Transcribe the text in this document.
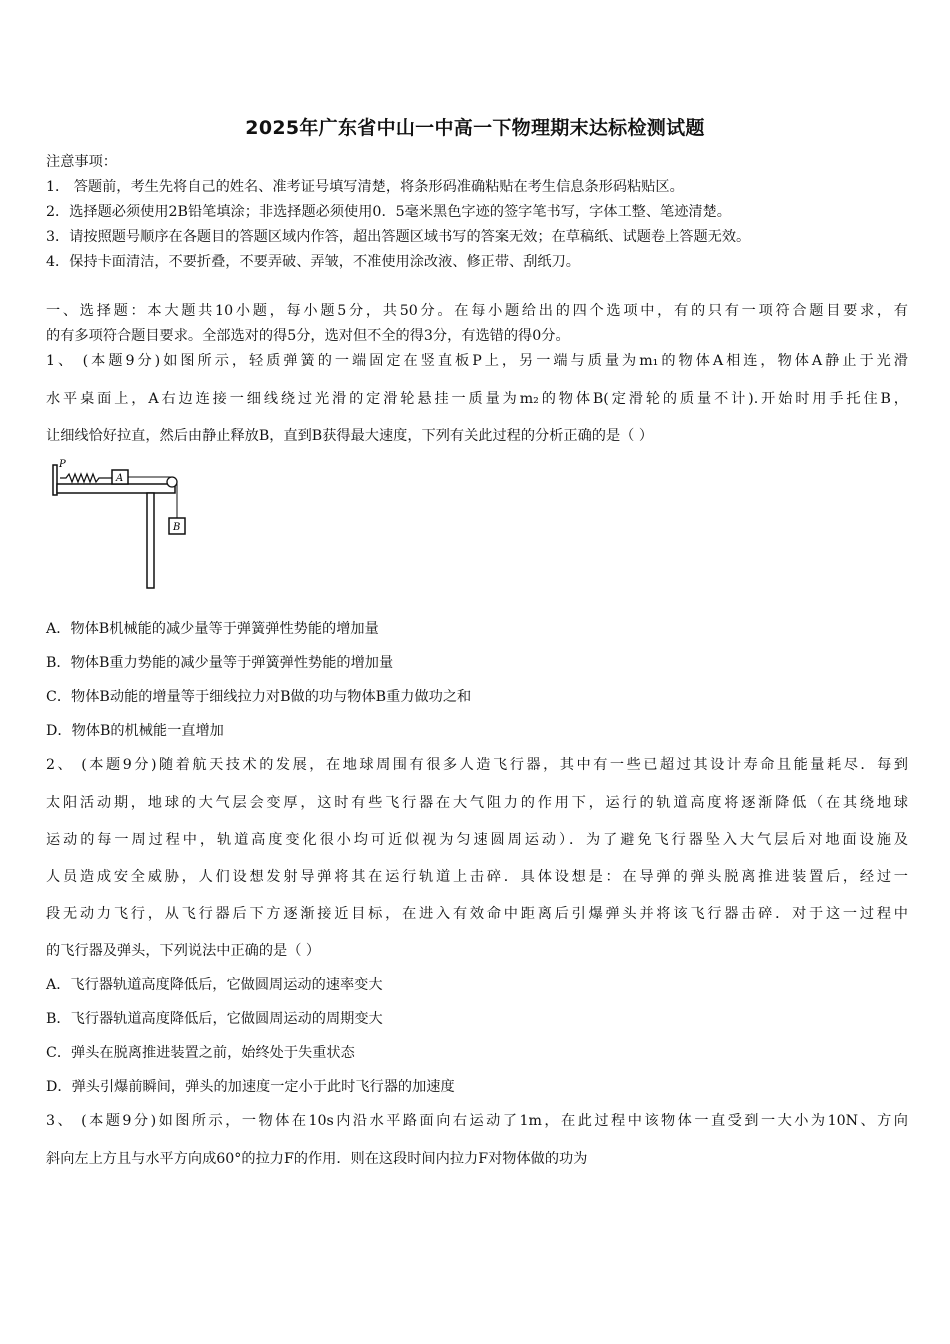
2025年广东省中山一中高一下物理期末达标检测试题
注意事项：
1． 答题前，考生先将自己的姓名、准考证号填写清楚，将条形码准确粘贴在考生信息条形码粘贴区。
2．选择题必须使用2B铅笔填涂；非选择题必须使用0．5毫米黑色字迹的签字笔书写，字体工整、笔迹清楚。
3．请按照题号顺序在各题目的答题区域内作答，超出答题区域书写的答案无效；在草稿纸、试题卷上答题无效。
4．保持卡面清洁，不要折叠，不要弄破、弄皱，不准使用涂改液、修正带、刮纸刀。
一、选择题：本大题共10小题，每小题5分，共50分。在每小题给出的四个选项中，有的只有一项符合题目要求，有
的有多项符合题目要求。全部选对的得5分，选对但不全的得3分，有选错的得0分。
1、 (本题9分)如图所示，轻质弹簧的一端固定在竖直板P上，另一端与质量为m₁的物体A相连，物体A静止于光滑
水平桌面上，A右边连接一细线绕过光滑的定滑轮悬挂一质量为m₂的物体B(定滑轮的质量不计).开始时用手托住B，
让细线恰好拉直，然后由静止释放B，直到B获得最大速度，下列有关此过程的分析正确的是（ ）
P
A
B
A．物体B机械能的减少量等于弹簧弹性势能的增加量
B．物体B重力势能的减少量等于弹簧弹性势能的增加量
C．物体B动能的增量等于细线拉力对B做的功与物体B重力做功之和
D．物体B的机械能一直增加
2、 (本题9分)随着航天技术的发展，在地球周围有很多人造飞行器，其中有一些已超过其设计寿命且能量耗尽．每到
太阳活动期，地球的大气层会变厚，这时有些飞行器在大气阻力的作用下，运行的轨道高度将逐渐降低（在其绕地球
运动的每一周过程中，轨道高度变化很小均可近似视为匀速圆周运动）．为了避免飞行器坠入大气层后对地面设施及
人员造成安全威胁，人们设想发射导弹将其在运行轨道上击碎．具体设想是：在导弹的弹头脱离推进装置后，经过一
段无动力飞行，从飞行器后下方逐渐接近目标，在进入有效命中距离后引爆弹头并将该飞行器击碎．对于这一过程中
的飞行器及弹头，下列说法中正确的是（ ）
A．飞行器轨道高度降低后，它做圆周运动的速率变大
B．飞行器轨道高度降低后，它做圆周运动的周期变大
C．弹头在脱离推进装置之前，始终处于失重状态
D．弹头引爆前瞬间，弹头的加速度一定小于此时飞行器的加速度
3、 (本题9分)如图所示，一物体在10s内沿水平路面向右运动了1m，在此过程中该物体一直受到一大小为10N、方向
斜向左上方且与水平方向成60°的拉力F的作用．则在这段时间内拉力F对物体做的功为
